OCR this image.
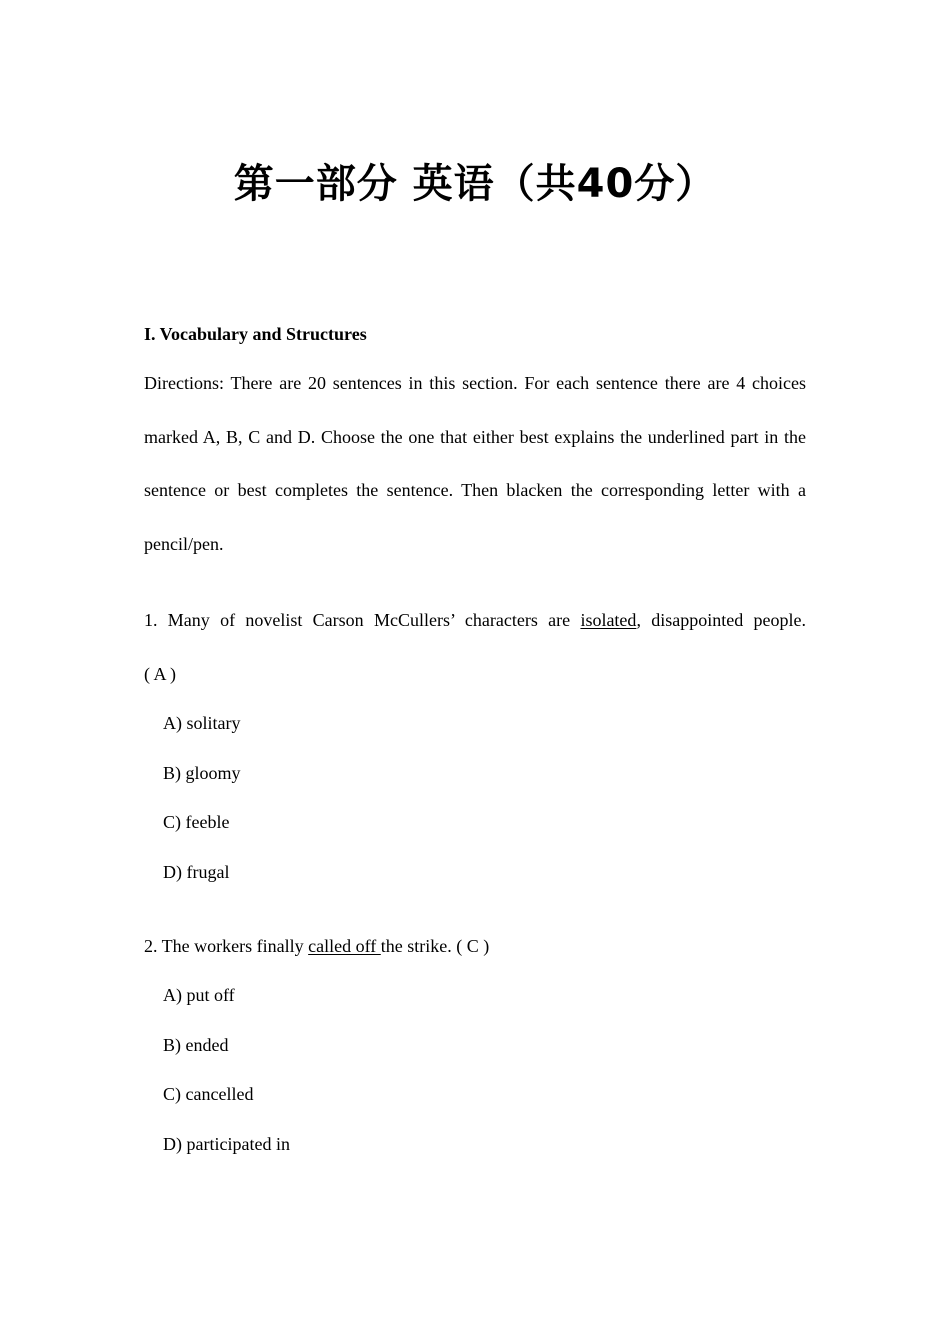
第一部分 英语（共40分）
I. Vocabulary and Structures

Directions: There are 20 sentences in this section. For each sentence there are 4 choices marked A, B, C and D. Choose the one that either best explains the underlined part in the sentence or best completes the sentence. Then blacken the corresponding letter with a pencil/pen.

1. Many of novelist Carson McCullers’ characters are isolated, disappointed people.
( A )
A) solitary
B) gloomy
C) feeble
D) frugal
2. The workers finally called off the strike. ( C )
A) put off
B) ended
C) cancelled
D) participated in
